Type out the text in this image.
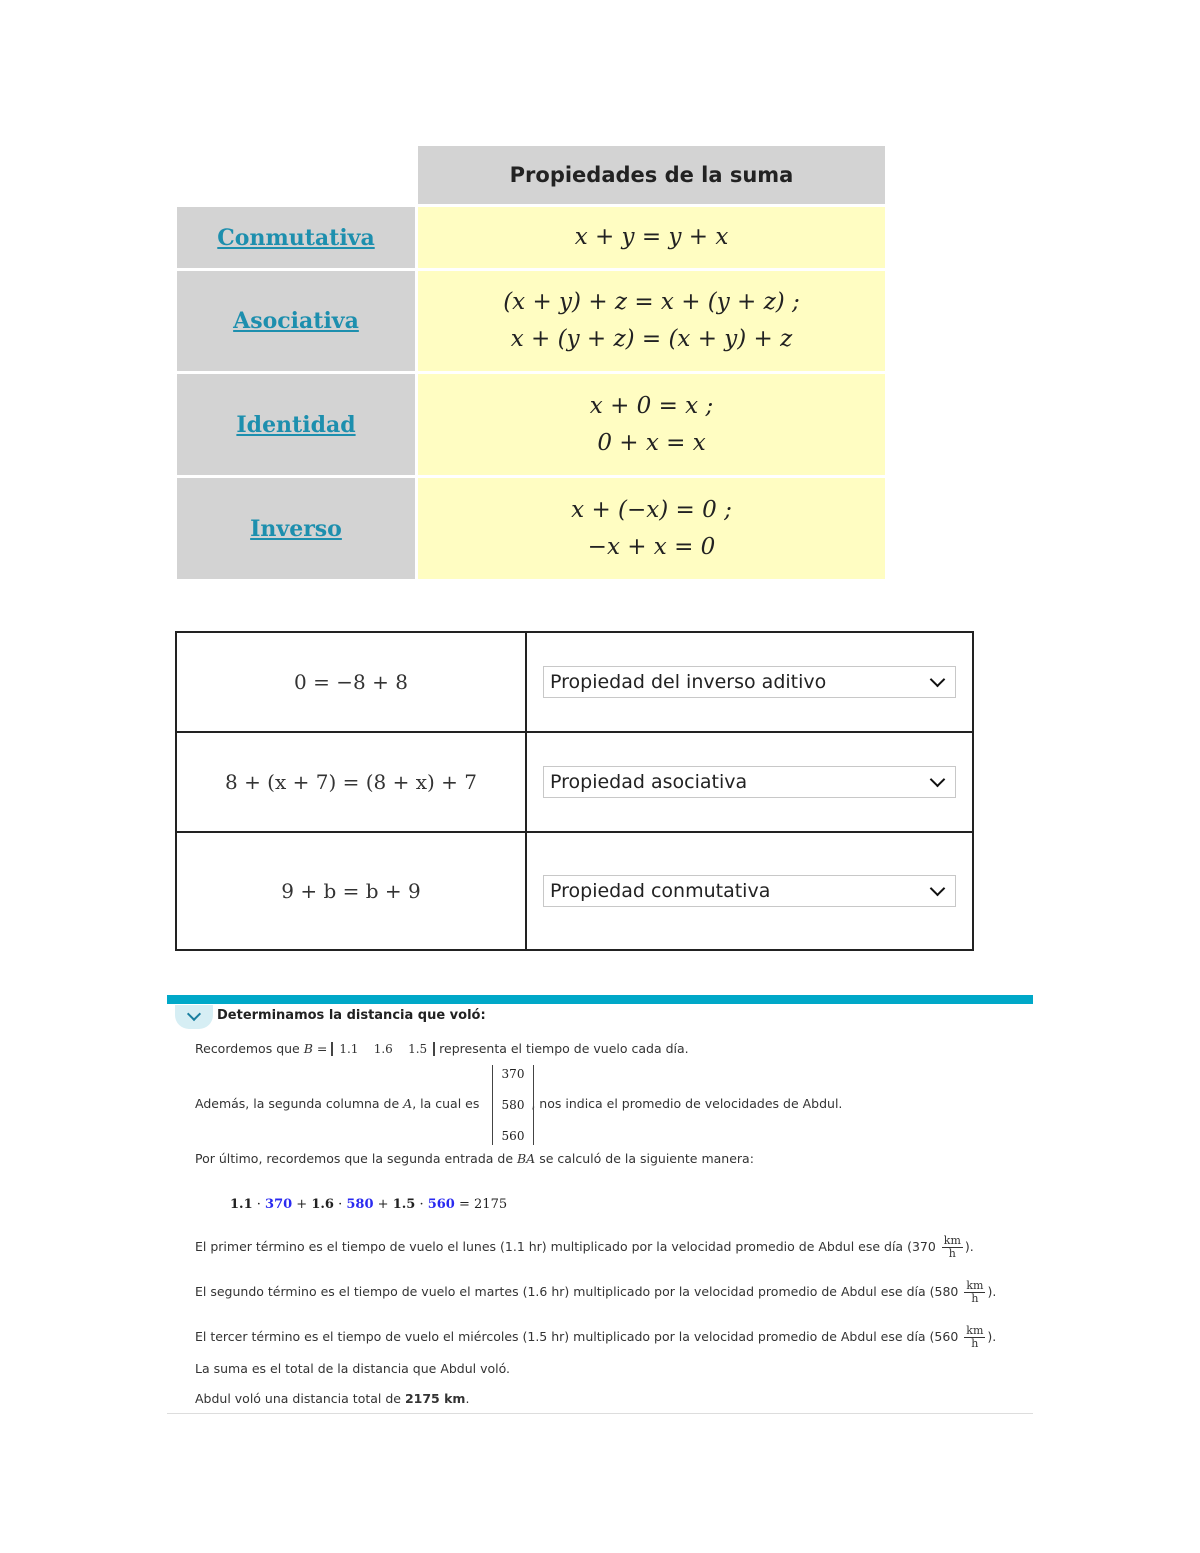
	Propiedades de la suma
Conmutativa	x + y = y + x
Asociativa	(x + y) + z = x + (y + z) ;
x + (y + z) = (x + y) + z

Identidad	x + 0 = x ;
0 + x = x

Inverso	x + (−x) = 0 ;
−x + x = 0
0 = −8 + 8	Propiedad del inverso aditivo

8 + (x + 7) = (8 + x) + 7	Propiedad asociativa

9 + b = b + 9	Propiedad conmutativa
Determinamos la distancia que voló:
Recordemos que B = 1.1 1.6 1.5 representa el tiempo de vuelo cada día.
Además, la segunda columna de A, la cual es	, nos indica el promedio de velocidades de Abdul.
370
580
560
Por último, recordemos que la segunda entrada de BA se calculó de la siguiente manera:
1.1 · 370 + 1.6 · 580 + 1.5 · 560 = 2175
El primer término es el tiempo de vuelo el lunes (1.1 hr) multiplicado por la velocidad promedio de Abdul ese día ($370 \frac{km}{h}$ ).
El segundo término es el tiempo de vuelo el martes (1.6 hr) multiplicado por la velocidad promedio de Abdul ese día ($580 \frac{km}{h}$ ).
El tercer término es el tiempo de vuelo el miércoles (1.5 hr) multiplicado por la velocidad promedio de Abdul ese día ($560 \frac{km}{h}$ ).
La suma es el total de la distancia que Abdul voló.
Abdul voló una distancia total de 2175 km.
